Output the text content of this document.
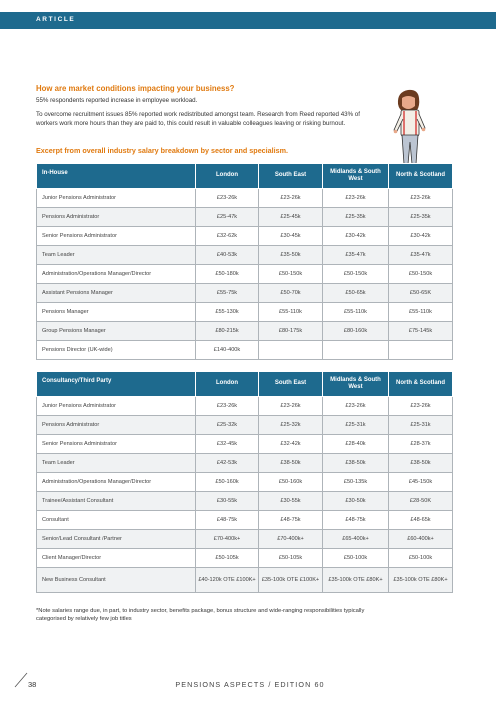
ARTICLE
How are market conditions impacting your business?
55% respondents reported increase in employee workload.
To overcome recruitment issues 85% reported work redistributed amongst team. Research from Reed reported 43% of workers work more hours than they are paid to, this could result in valuable colleagues leaving or risking burnout.
Excerpt from overall industry salary breakdown by sector and specialism.
In-House	London	South East	Midlands & South West	North & Scotland
Junior Pensions Administrator	£23-26k	£23-26k	£23-26k	£23-26k
Pensions Administrator	£25-47k	£25-45k	£25-35k	£25-35k
Senior Pensions Administrator	£32-62k	£30-45k	£30-42k	£30-42k
Team Leader	£40-53k	£35-50k	£35-47k	£35-47k
Administration/Operations Manager/Director	£50-180k	£50-150k	£50-150k	£50-150k
Assistant Pensions Manager	£55-75k	£50-70k	£50-65k	£50-65K
Pensions Manager	£55-130k	£55-110k	£55-110k	£55-110k
Group Pensions Manager	£80-215k	£80-175k	£80-160k	£75-145k
Pensions Director (UK-wide)	£140-400k			
Consultancy/Third Party	London	South East	Midlands & South West	North & Scotland
Junior Pensions Administrator	£23-26k	£23-26k	£23-26k	£23-26k
Pensions Administrator	£25-32k	£25-32k	£25-31k	£25-31k
Senior Pensions Administrator	£32-45k	£32-42k	£28-40k	£28-37k
Team Leader	£42-53k	£38-50k	£38-50k	£38-50k
Administration/Operations Manager/Director	£50-160k	£50-160k	£50-135k	£45-150k
Trainee/Assistant Consultant	£30-55k	£30-55k	£30-50k	£28-50K
Consultant	£48-75k	£48-75k	£48-75k	£48-65k
Senior/Lead Consultant /Partner	£70-400k+	£70-400k+	£65-400k+	£60-400k+
Client Manager/Director	£50-105k	£50-105k	£50-100k	£50-100k
New Business Consultant	£40-120k OTE £100K+	£35-100k OTE £100K+	£35-100k OTE £80K+	£35-100k OTE £80K+
*Note salaries range due, in part, to industry sector, benefits package, bonus structure and wide-ranging responsibilities typically categorised by relatively few job titles
38	PENSIONS ASPECTS / EDITION 60
